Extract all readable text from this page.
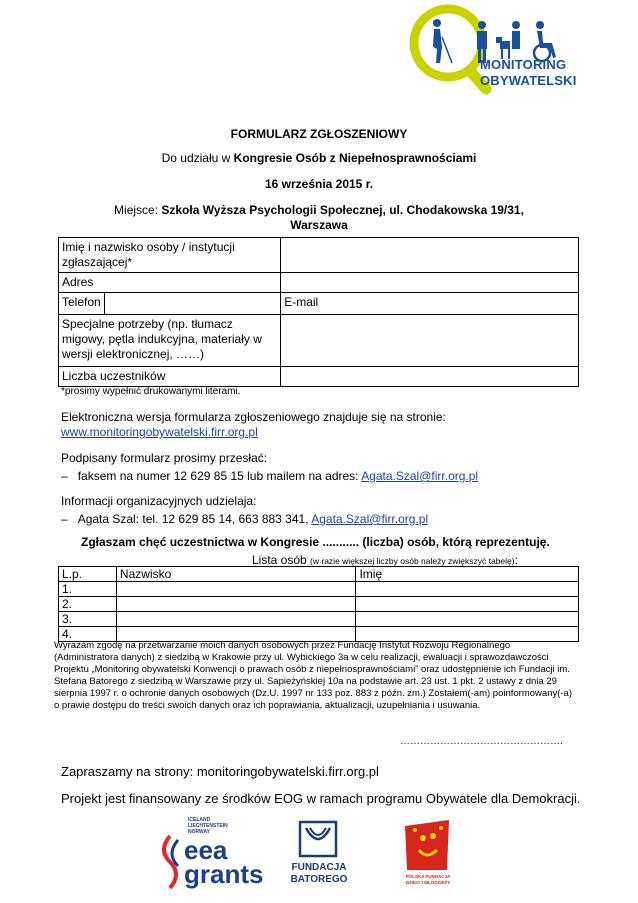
MONITORING
OBYWATELSKI
FORMULARZ ZGŁOSZENIOWY
Do udziału w Kongresie Osób z Niepełnosprawnościami
16 września 2015 r.
Miejsce: Szkoła Wyższa Psychologii Społecznej, ul. Chodakowska 19/31,
Warszawa
Imię i nazwisko osoby / instytucji zgłaszającej*		
Adres		
Telefon		E-mail

Specjalne potrzeby (np. tłumacz migowy, pętla indukcyjna, materiały w wersji elektronicznej, ……)		
Liczba uczestników		
*prosimy wypełnić drukowanymi literami.
Elektroniczna wersja formularza zgłoszeniowego znajduje się na stronie:
www.monitoringobywatelski.firr.org.pl
Podpisany formularz prosimy przesłać:
–   faksem na numer 12 629 85 15 lub mailem na adres: Agata.Szal@firr.org.pl
Informacji organizacyjnych udzielaja:
–   Agata Szal: tel. 12 629 85 14, 663 883 341, Agata.Szal@firr.org.pl
Zgłaszam chęć uczestnictwa w Kongresie ........... (liczba) osób, którą reprezentuję.
Lista osób (w razie większej liczby osób należy zwiększyć tabelę):
L.p.	Nazwisko	Imię
1.		
2.		
3.		
4.		
Wyrażam zgodę na przetwarzanie moich danych osobowych przez Fundację Instytut Rozwoju Regionalnego
(Administratora danych) z siedzibą w Krakowie przy ul. Wybickiego 3a w celu realizacji, ewaluacji i sprawozdawczości
Projektu „Monitoring obywatelski Konwencji o prawach osób z niepełnosprawnościami” oraz udostępnienie ich Fundacji im.
Stefana Batorego z siedzibą w Warszawie przy ul. Sapieżyńskiej 10a na podstawie art. 23 ust. 1 pkt. 2 ustawy z dnia 29
sierpnia 1997 r. o ochronie danych osobowych (Dz.U. 1997 nr 133 poz. 883 z późn. zm.) Zostałem(-am) poinformowany(-a)
o prawie dostępu do treści swoich danych oraz ich poprawiania, aktualizacji, uzupełniania i usuwania.
………………………………………….
Zapraszamy na strony: monitoringobywatelski.firr.org.pl
Projekt jest finansowany ze środków EOG w ramach programu Obywatele dla Demokracji.
ICELAND
LIECHTENSTEIN
NORWAY
eea
grants	FUNDACJA
BATOREGO	POLSKA FUNDACJA
DZIECI I MŁODZIEŻY
